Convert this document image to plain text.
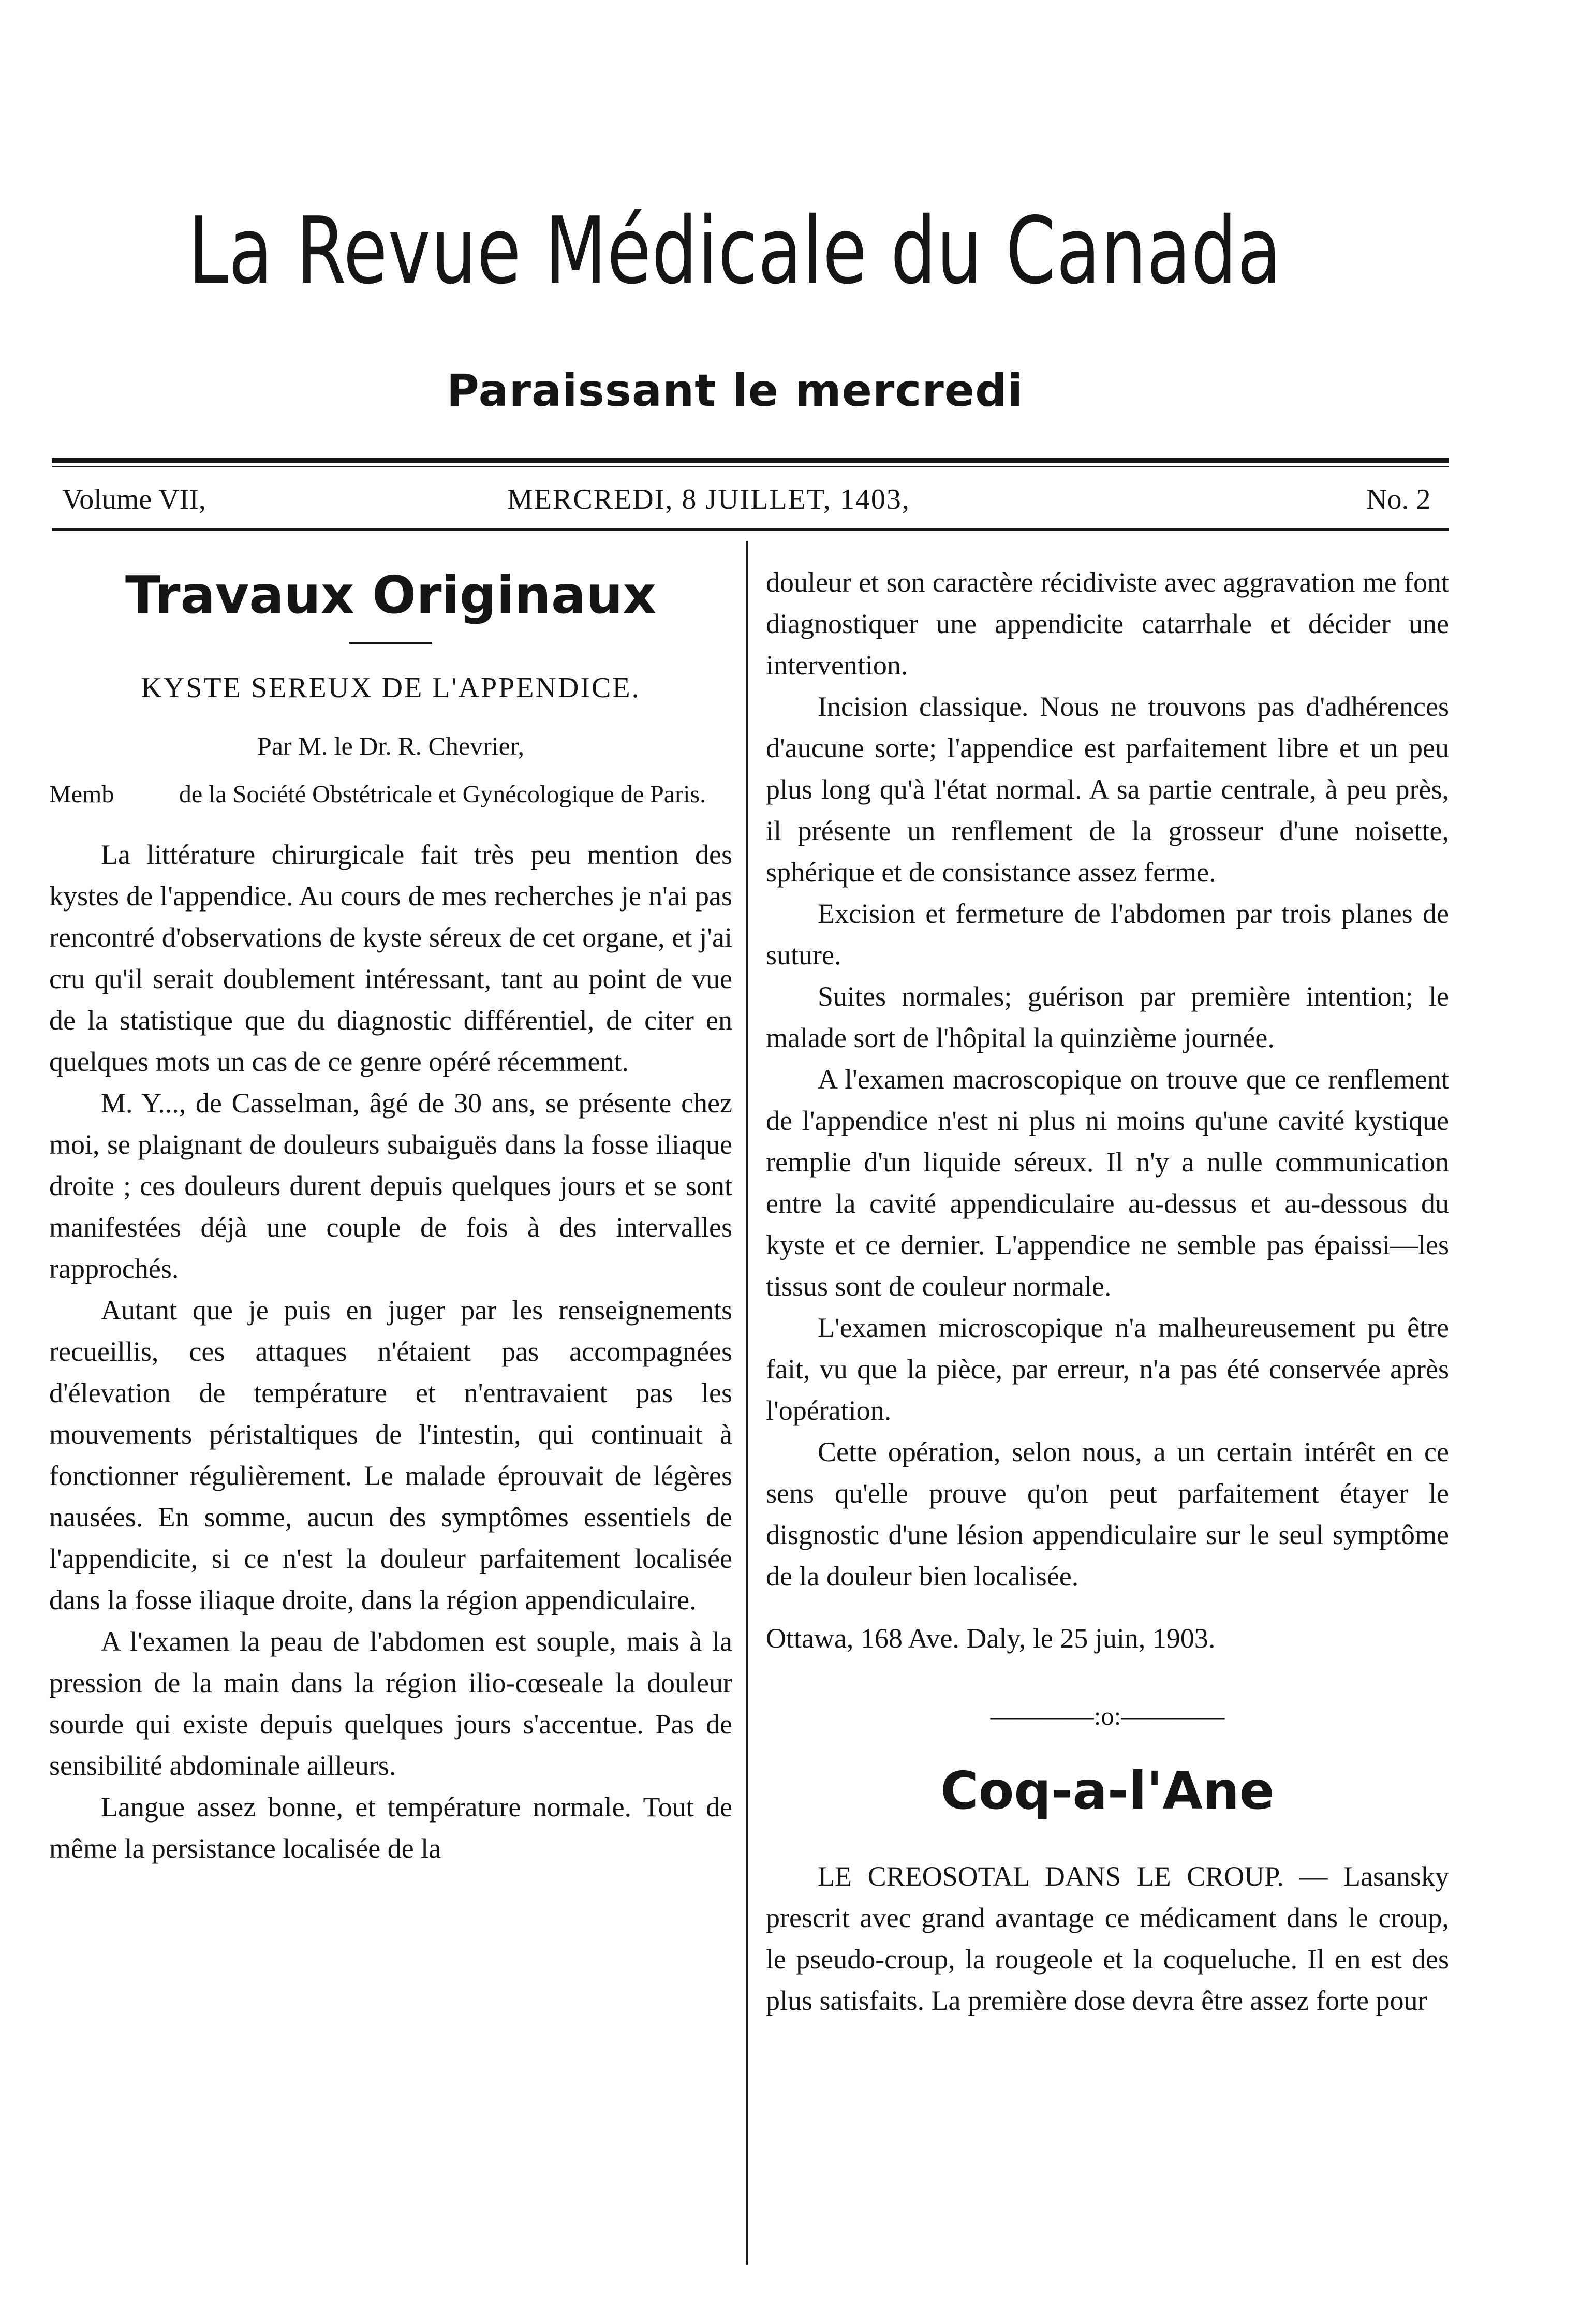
La Revue Médicale du Canada
Paraissant le mercredi
Volume VII,	MERCREDI, 8 JUILLET, 1403,	No. 2
Travaux Originaux
KYSTE SEREUX DE L'APPENDICE.
Par M. le Dr. R. Chevrier,
Memb	de la Société Obstétricale et Gynécologique de Paris.

La littérature chirurgicale fait très peu mention des kystes de l'appendice. Au cours de mes recherches je n'ai pas rencontré d'observations de kyste séreux de cet organe, et j'ai cru qu'il serait doublement intéressant, tant au point de vue de la statistique que du diagnostic différentiel, de citer en quelques mots un cas de ce genre opéré récemment.

M. Y..., de Casselman, âgé de 30 ans, se présente chez moi, se plaignant de douleurs subaiguës dans la fosse iliaque droite ; ces douleurs durent depuis quelques jours et se sont manifestées déjà une couple de fois à des intervalles rapprochés.

Autant que je puis en juger par les renseignements recueillis, ces attaques n'étaient pas accompagnées d'élevation de température et n'entravaient pas les mouvements péristaltiques de l'intestin, qui continuait à fonctionner régulièrement. Le malade éprouvait de légères nausées. En somme, aucun des symptômes essentiels de l'appendicite, si ce n'est la douleur parfaitement localisée dans la fosse iliaque droite, dans la région appendiculaire.

A l'examen la peau de l'abdomen est souple, mais à la pression de la main dans la région ilio-cœseale la douleur sourde qui existe depuis quelques jours s'accentue. Pas de sensibilité abdominale ailleurs.

Langue assez bonne, et température normale. Tout de même la persistance localisée de la

douleur et son caractère récidiviste avec aggravation me font diagnostiquer une appendicite catarrhale et décider une intervention.

Incision classique. Nous ne trouvons pas d'adhérences d'aucune sorte; l'appendice est parfaitement libre et un peu plus long qu'à l'état normal. A sa partie centrale, à peu près, il présente un renflement de la grosseur d'une noisette, sphérique et de consistance assez ferme.

Excision et fermeture de l'abdomen par trois planes de suture.

Suites normales; guérison par première intention; le malade sort de l'hôpital la quinzième journée.

A l'examen macroscopique on trouve que ce renflement de l'appendice n'est ni plus ni moins qu'une cavité kystique remplie d'un liquide séreux. Il n'y a nulle communication entre la cavité appendiculaire au-dessus et au-dessous du kyste et ce dernier. L'appendice ne semble pas épaissi—les tissus sont de couleur normale.

L'examen microscopique n'a malheureusement pu être fait, vu que la pièce, par erreur, n'a pas été conservée après l'opération.

Cette opération, selon nous, a un certain intérêt en ce sens qu'elle prouve qu'on peut parfaitement étayer le disgnostic d'une lésion appendiculaire sur le seul symptôme de la douleur bien localisée.

Ottawa, 168 Ave. Daly, le 25 juin, 1903.
————:o:————
Coq-a-l'Ane

LE CREOSOTAL DANS LE CROUP. — Lasansky prescrit avec grand avantage ce médicament dans le croup, le pseudo-croup, la rougeole et la coqueluche. Il en est des plus satisfaits. La première dose devra être assez forte pour
